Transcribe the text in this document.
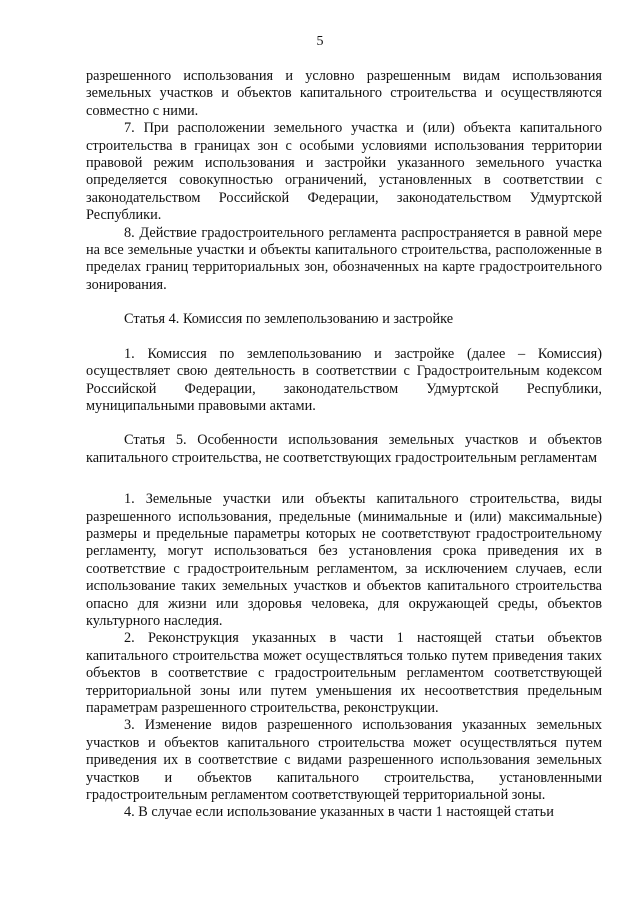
5

разрешенного использования и условно разрешенным видам использования земельных участков и объектов капитального строительства и осуществляются совместно с ними.

7. При расположении земельного участка и (или) объекта капитального строительства в границах зон с особыми условиями использования территории правовой режим использования и застройки указанного земельного участка определяется совокупностью ограничений, установленных в соответствии с законодательством Российской Федерации, законодательством Удмуртской Республики.

8. Действие градостроительного регламента распространяется в равной мере на все земельные участки и объекты капитального строительства, расположенные в пределах границ территориальных зон, обозначенных на карте градостроительного зонирования.

Статья 4. Комиссия по землепользованию и застройке

1. Комиссия по землепользованию и застройке (далее – Комиссия) осуществляет свою деятельность в соответствии с Градостроительным кодексом Российской Федерации, законодательством Удмуртской Республики, муниципальными правовыми актами.

Статья 5. Особенности использования земельных участков и объектов капитального строительства, не соответствующих градостроительным регламентам

1. Земельные участки или объекты капитального строительства, виды разрешенного использования, предельные (минимальные и (или) максимальные) размеры и предельные параметры которых не соответствуют градостроительному регламенту, могут использоваться без установления срока приведения их в соответствие с градостроительным регламентом, за исключением случаев, если использование таких земельных участков и объектов капитального строительства опасно для жизни или здоровья человека, для окружающей среды, объектов культурного наследия.

2. Реконструкция указанных в части 1 настоящей статьи объектов капитального строительства может осуществляться только путем приведения таких объектов в соответствие с градостроительным регламентом соответствующей территориальной зоны или путем уменьшения их несоответствия предельным параметрам разрешенного строительства, реконструкции.

3. Изменение видов разрешенного использования указанных земельных участков и объектов капитального строительства может осуществляться путем приведения их в соответствие с видами разрешенного использования земельных участков и объектов капитального строительства, установленными градостроительным регламентом соответствующей территориальной зоны.

4. В случае если использование указанных в части 1 настоящей статьи
